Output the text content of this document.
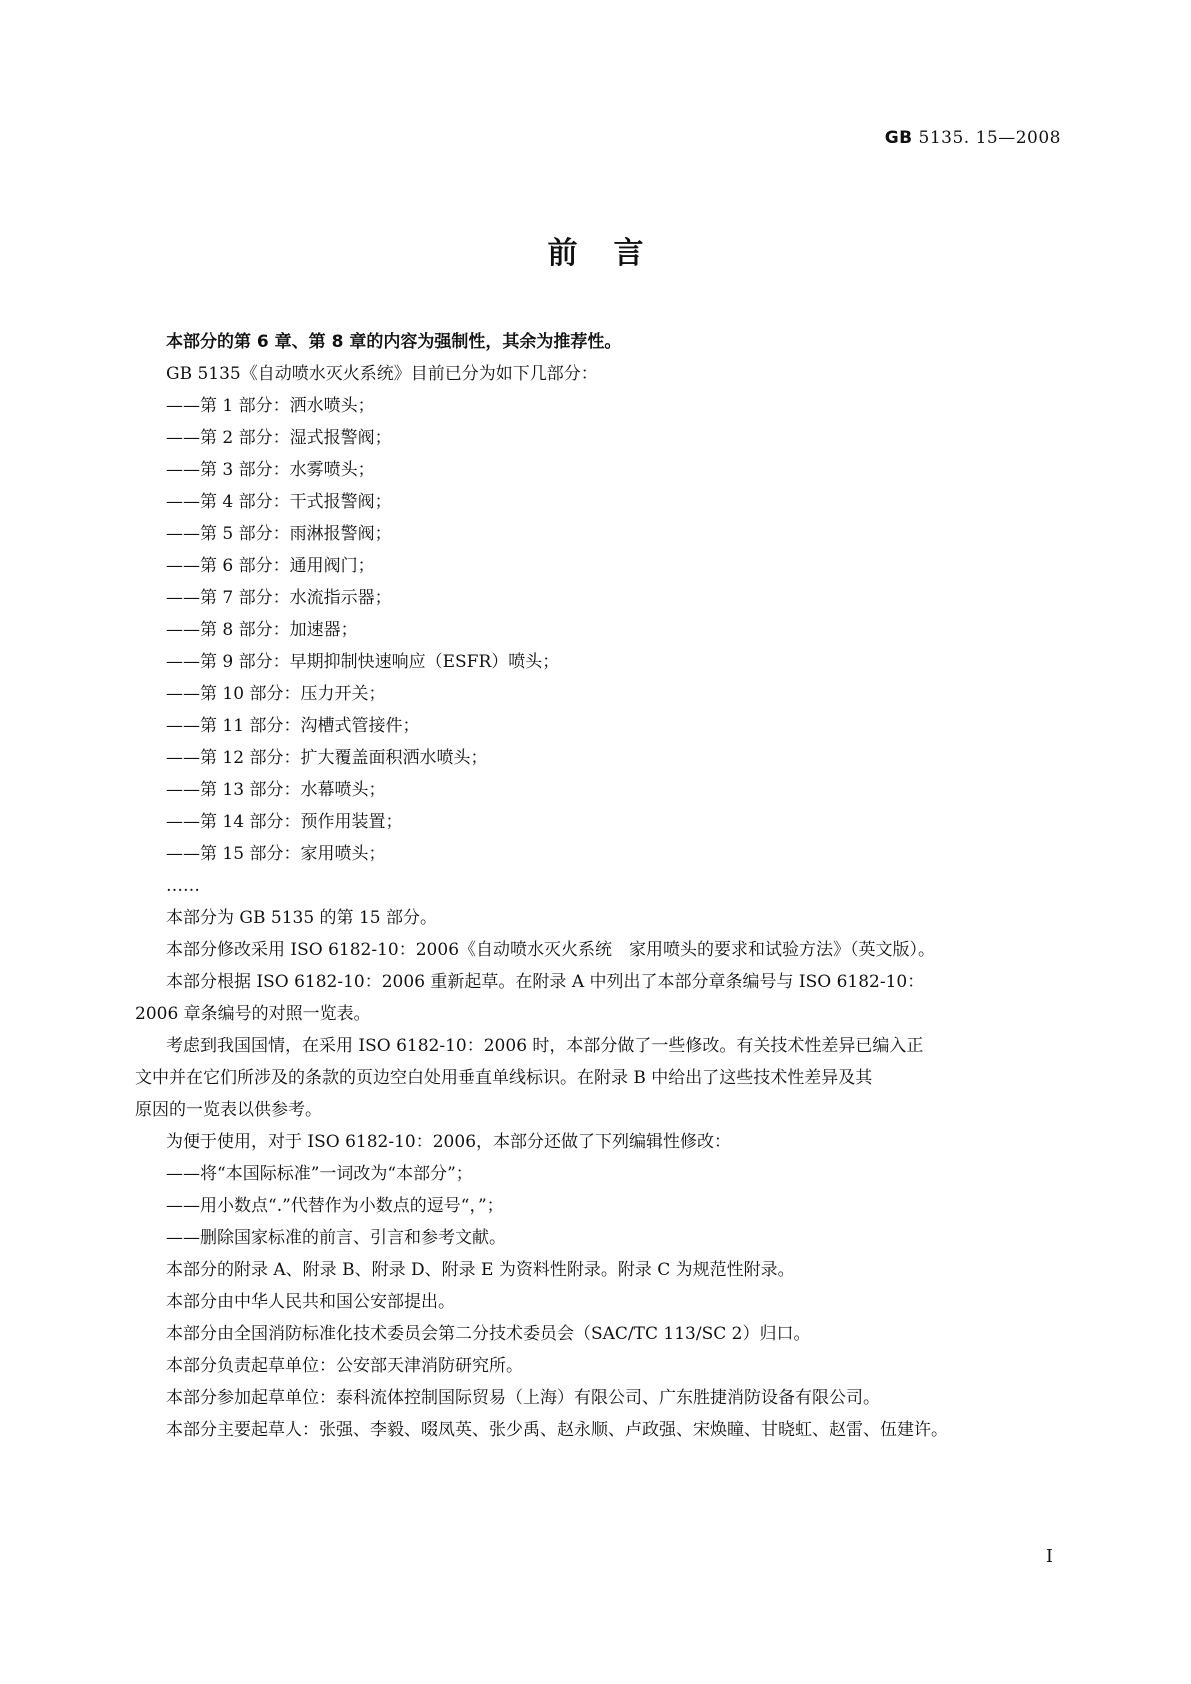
GB 5135. 15—2008
前言

本部分的第 6 章、第 8 章的内容为强制性，其余为推荐性。

GB 5135《自动喷水灭火系统》目前已分为如下几部分：

——第 1 部分：洒水喷头；

——第 2 部分：湿式报警阀；

——第 3 部分：水雾喷头；

——第 4 部分：干式报警阀；

——第 5 部分：雨淋报警阀；

——第 6 部分：通用阀门；

——第 7 部分：水流指示器；

——第 8 部分：加速器；

——第 9 部分：早期抑制快速响应（ESFR）喷头；

——第 10 部分：压力开关；

——第 11 部分：沟槽式管接件；

——第 12 部分：扩大覆盖面积洒水喷头；

——第 13 部分：水幕喷头；

——第 14 部分：预作用装置；

——第 15 部分：家用喷头；

……

本部分为 GB 5135 的第 15 部分。

本部分修改采用 ISO 6182-10：2006《自动喷水灭火系统　家用喷头的要求和试验方法》（英文版）。

本部分根据 ISO 6182-10：2006 重新起草。在附录 A 中列出了本部分章条编号与 ISO 6182-10：

2006 章条编号的对照一览表。

考虑到我国国情，在采用 ISO 6182-10：2006 时，本部分做了一些修改。有关技术性差异已编入正

文中并在它们所涉及的条款的页边空白处用垂直单线标识。在附录 B 中给出了这些技术性差异及其

原因的一览表以供参考。

为便于使用，对于 ISO 6182-10：2006，本部分还做了下列编辑性修改：

——将“本国际标准”一词改为“本部分”；

——用小数点“.”代替作为小数点的逗号“，”；

——删除国家标准的前言、引言和参考文献。

本部分的附录 A、附录 B、附录 D、附录 E 为资料性附录。附录 C 为规范性附录。

本部分由中华人民共和国公安部提出。

本部分由全国消防标准化技术委员会第二分技术委员会（SAC/TC 113/SC 2）归口。

本部分负责起草单位：公安部天津消防研究所。

本部分参加起草单位：泰科流体控制国际贸易（上海）有限公司、广东胜捷消防设备有限公司。

本部分主要起草人：张强、李毅、啜凤英、张少禹、赵永顺、卢政强、宋焕瞳、甘晓虹、赵雷、伍建许。

I
